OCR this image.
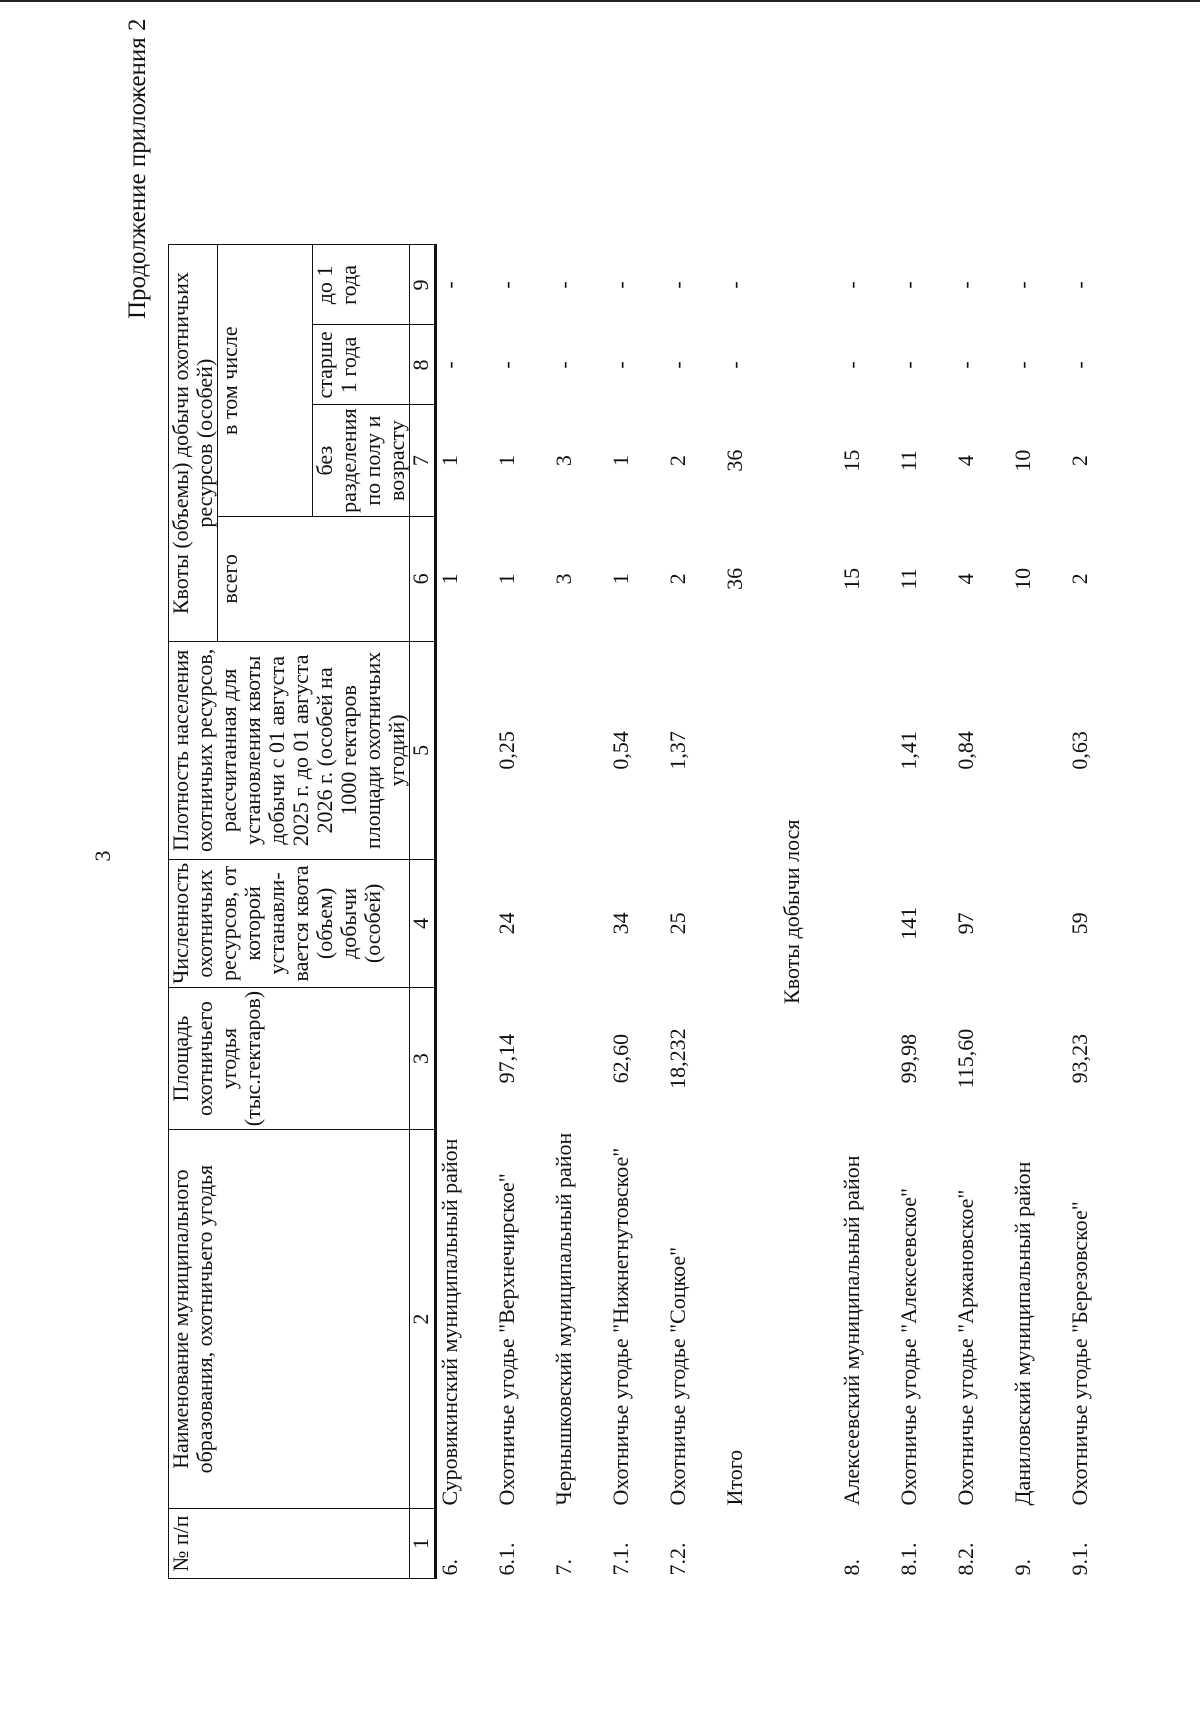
3
Продолжение приложения 2
№ п/п	Наименование муниципального образования, охотничьего угодья	Площадь охотничьего угодья (тыс.гектаров)	Численность охотничьих ресурсов, от которой устанавли-вается квота (объем) добычи (особей)	Плотность населения охотничьих ресурсов, рассчитанная для установления квоты добычи с 01 августа 2025 г. до 01 августа 2026 г. (особей на 1000 гектаров площади охотничьих угодий)	Квоты (объемы) добычи охотничьих ресурсов (особей)			
					всего	в том числе		
						без разделения по полу и возрасту	старше 1 года	до 1 года
1	2	3	4	5	6	7	8	9
6.	Суровикинский муниципальный район				1	1	-	-
6.1.	Охотничье угодье "Верхнечирское"	97,14	24	0,25	1	1	-	-
7.	Чернышковский муниципальный район				3	3	-	-
7.1.	Охотничье угодье "Нижнегнутовское"	62,60	34	0,54	1	1	-	-
7.2.	Охотничье угодье "Соцкое"	18,232	25	1,37	2	2	-	-
	Итого				36	36	-	-
Квоты добычи лося								
8.	Алексеевский муниципальный район				15	15	-	-
8.1.	Охотничье угодье "Алексеевское"	99,98	141	1,41	11	11	-	-
8.2.	Охотничье угодье "Аржановское"	115,60	97	0,84	4	4	-	-
9.	Даниловский муниципальный район				10	10	-	-
9.1.	Охотничье угодье "Березовское"	93,23	59	0,63	2	2	-	-
